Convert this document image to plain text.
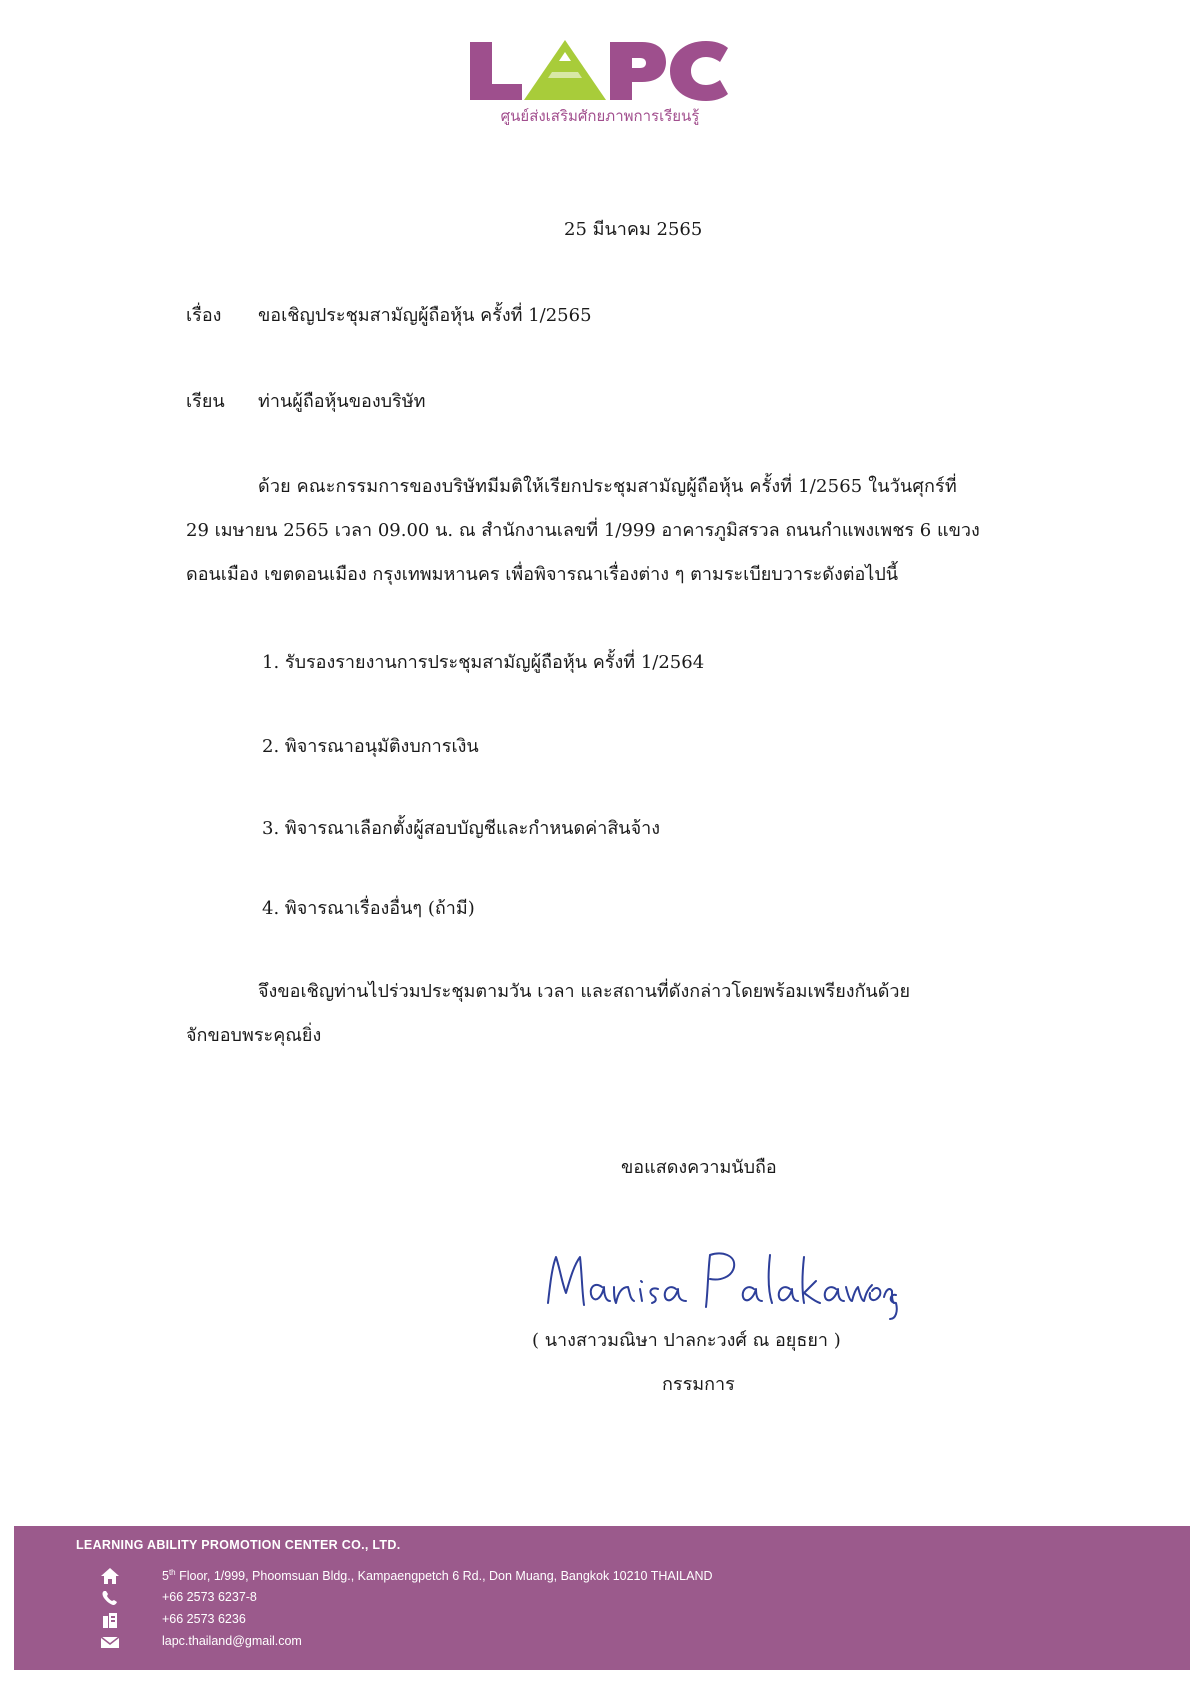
ศูนย์ส่งเสริมศักยภาพการเรียนรู้
25 มีนาคม 2565
เรื่อง ขอเชิญประชุมสามัญผู้ถือหุ้น ครั้งที่ 1/2565
เรียน ท่านผู้ถือหุ้นของบริษัท
ด้วย คณะกรรมการของบริษัทมีมติให้เรียกประชุมสามัญผู้ถือหุ้น ครั้งที่ 1/2565 ในวันศุกร์ที่
29 เมษายน 2565 เวลา 09.00 น. ณ สำนักงานเลขที่ 1/999 อาคารภูมิสรวล ถนนกำแพงเพชร 6 แขวง
ดอนเมือง เขตดอนเมือง กรุงเทพมหานคร เพื่อพิจารณาเรื่องต่าง ๆ ตามระเบียบวาระดังต่อไปนี้
1. รับรองรายงานการประชุมสามัญผู้ถือหุ้น ครั้งที่ 1/2564
2. พิจารณาอนุมัติงบการเงิน
3. พิจารณาเลือกตั้งผู้สอบบัญชีและกำหนดค่าสินจ้าง
4. พิจารณาเรื่องอื่นๆ (ถ้ามี)
จึงขอเชิญท่านไปร่วมประชุมตามวัน เวลา และสถานที่ดังกล่าวโดยพร้อมเพรียงกันด้วย
จักขอบพระคุณยิ่ง
ขอแสดงความนับถือ
( นางสาวมณิษา ปาลกะวงศ์ ณ อยุธยา )
กรรมการ
LEARNING ABILITY PROMOTION CENTER CO., LTD.
5th Floor, 1/999, Phoomsuan Bldg., Kampaengpetch 6 Rd., Don Muang, Bangkok 10210 THAILAND
+66 2573 6237-8
+66 2573 6236
lapc.thailand@gmail.com
